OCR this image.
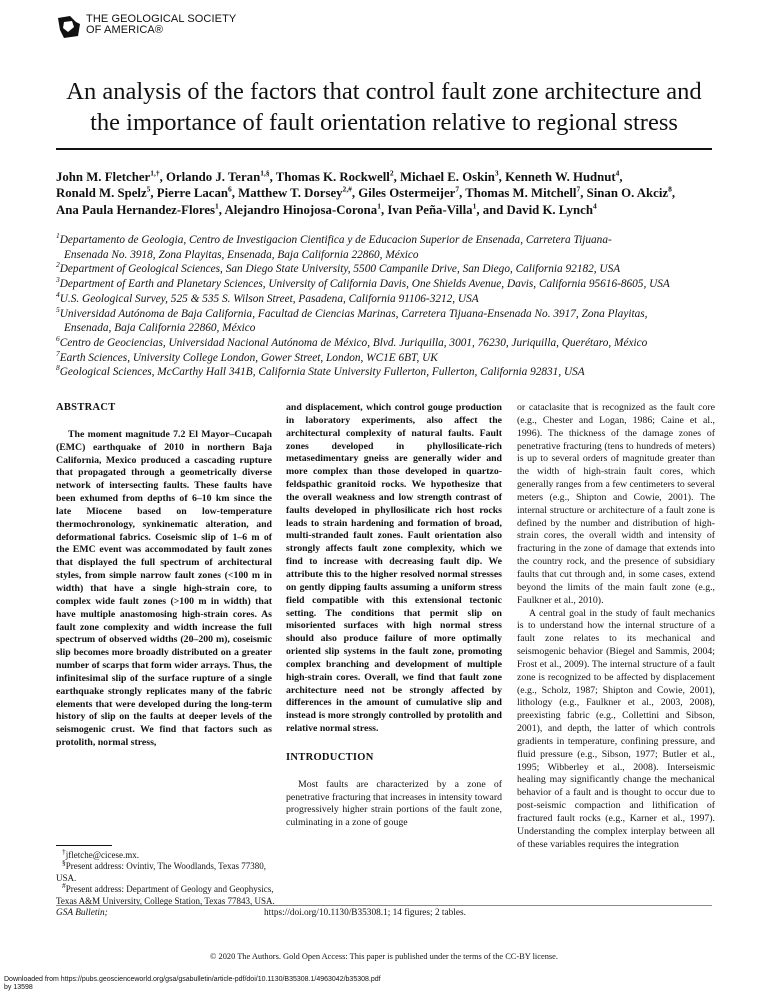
THE GEOLOGICAL SOCIETY
OF AMERICA®
An analysis of the factors that control fault zone architecture and
the importance of fault orientation relative to regional stress
John M. Fletcher$^{1,\dagger}$, Orlando J. Teran$^{1,\S}$, Thomas K. Rockwell$^2$, Michael E. Oskin$^3$, Kenneth W. Hudnut$^4$,
Ronald M. Spelz$^5$, Pierre Lacan$^6$, Matthew T. Dorsey$^{2,\#}$, Giles Ostermeijer$^7$, Thomas M. Mitchell$^7$, Sinan O. Akciz$^8$,
Ana Paula Hernandez-Flores$^1$, Alejandro Hinojosa-Corona$^1$, Ivan Peña-Villa$^1$, and David K. Lynch$^4$
$^1$Departamento de Geologia, Centro de Investigacion Cientifica y de Educacion Superior de Ensenada, Carretera Tijuana-
Ensenada No. 3918, Zona Playitas, Ensenada, Baja California 22860, México
$^2$Department of Geological Sciences, San Diego State University, 5500 Campanile Drive, San Diego, California 92182, USA
$^3$Department of Earth and Planetary Sciences, University of California Davis, One Shields Avenue, Davis, California 95616-8605, USA
$^4$U.S. Geological Survey, 525 & 535 S. Wilson Street, Pasadena, California 91106-3212, USA
$^5$Universidad Autónoma de Baja California, Facultad de Ciencias Marinas, Carretera Tijuana-Ensenada No. 3917, Zona Playitas,
Ensenada, Baja California 22860, México
$^6$Centro de Geociencias, Universidad Nacional Autónoma de México, Blvd. Juriquilla, 3001, 76230, Juriquilla, Querétaro, México
$^7$Earth Sciences, University College London, Gower Street, London, WC1E 6BT, UK
$^8$Geological Sciences, McCarthy Hall 341B, California State University Fullerton, Fullerton, California 92831, USA
ABSTRACT

The moment magnitude 7.2 El Mayor–Cucapah (EMC) earthquake of 2010 in northern Baja California, Mexico produced a cascading rupture that propagated through a geometrically diverse network of intersecting faults. These faults have been exhumed from depths of 6–10 km since the late Miocene based on low-temperature thermochronology, synkinematic alteration, and deformational fabrics. Coseismic slip of 1–6 m of the EMC event was accommodated by fault zones that displayed the full spectrum of architectural styles, from simple narrow fault zones (<100 m in width) that have a single high-strain core, to complex wide fault zones (>100 m in width) that have multiple anastomosing high-strain cores. As fault zone complexity and width increase the full spectrum of observed widths (20–200 m), coseismic slip becomes more broadly distributed on a greater number of scarps that form wider arrays. Thus, the infinitesimal slip of the surface rupture of a single earthquake strongly replicates many of the fabric elements that were developed during the long-term history of slip on the faults at deeper levels of the seismogenic crust. We find that factors such as protolith, normal stress,

and displacement, which control gouge production in laboratory experiments, also affect the architectural complexity of natural faults. Fault zones developed in phyllosilicate-rich metasedimentary gneiss are generally wider and more complex than those developed in quartzo-feldspathic granitoid rocks. We hypothesize that the overall weakness and low strength contrast of faults developed in phyllosilicate rich host rocks leads to strain hardening and formation of broad, multi-stranded fault zones. Fault orientation also strongly affects fault zone complexity, which we find to increase with decreasing fault dip. We attribute this to the higher resolved normal stresses on gently dipping faults assuming a uniform stress field compatible with this extensional tectonic setting. The conditions that permit slip on misoriented surfaces with high normal stress should also produce failure of more optimally oriented slip systems in the fault zone, promoting complex branching and development of multiple high-strain cores. Overall, we find that fault zone architecture need not be strongly affected by differences in the amount of cumulative slip and instead is more strongly controlled by protolith and relative normal stress.

INTRODUCTION

Most faults are characterized by a zone of penetrative fracturing that increases in intensity toward progressively higher strain portions of the fault zone, culminating in a zone of gouge

or cataclasite that is recognized as the fault core (e.g., Chester and Logan, 1986; Caine et al., 1996). The thickness of the damage zones of penetrative fracturing (tens to hundreds of meters) is up to several orders of magnitude greater than the width of high-strain fault cores, which generally ranges from a few centimeters to several meters (e.g., Shipton and Cowie, 2001). The internal structure or architecture of a fault zone is defined by the number and distribution of high-strain cores, the overall width and intensity of fracturing in the zone of damage that extends into the country rock, and the presence of subsidiary faults that cut through and, in some cases, extend beyond the limits of the main fault zone (e.g., Faulkner et al., 2010).

A central goal in the study of fault mechanics is to understand how the internal structure of a fault zone relates to its mechanical and seismogenic behavior (Biegel and Sammis, 2004; Frost et al., 2009). The internal structure of a fault zone is recognized to be affected by displacement (e.g., Scholz, 1987; Shipton and Cowie, 2001), lithology (e.g., Faulkner et al., 2003, 2008), preexisting fabric (e.g., Collettini and Sibson, 2001), and depth, the latter of which controls gradients in temperature, confining pressure, and fluid pressure (e.g., Sibson, 1977; Butler et al., 1995; Wibberley et al., 2008). Interseismic healing may significantly change the mechanical behavior of a fault and is thought to occur due to post-seismic compaction and lithification of fractured fault rocks (e.g., Karner et al., 1997). Understanding the complex interplay between all of these variables requires the integration

†jfletche@cicese.mx.
§Present address: Ovintiv, The Woodlands, Texas 77380, USA.
#Present address: Department of Geology and Geophysics, Texas A&M University, College Station, Texas 77843, USA.
GSA Bulletin;	https://doi.org/10.1130/B35308.1; 14 figures; 2 tables.
© 2020 The Authors. Gold Open Access: This paper is published under the terms of the CC-BY license.
Downloaded from https://pubs.geoscienceworld.org/gsa/gsabulletin/article-pdf/doi/10.1130/B35308.1/4963042/b35308.pdf
by 13598
